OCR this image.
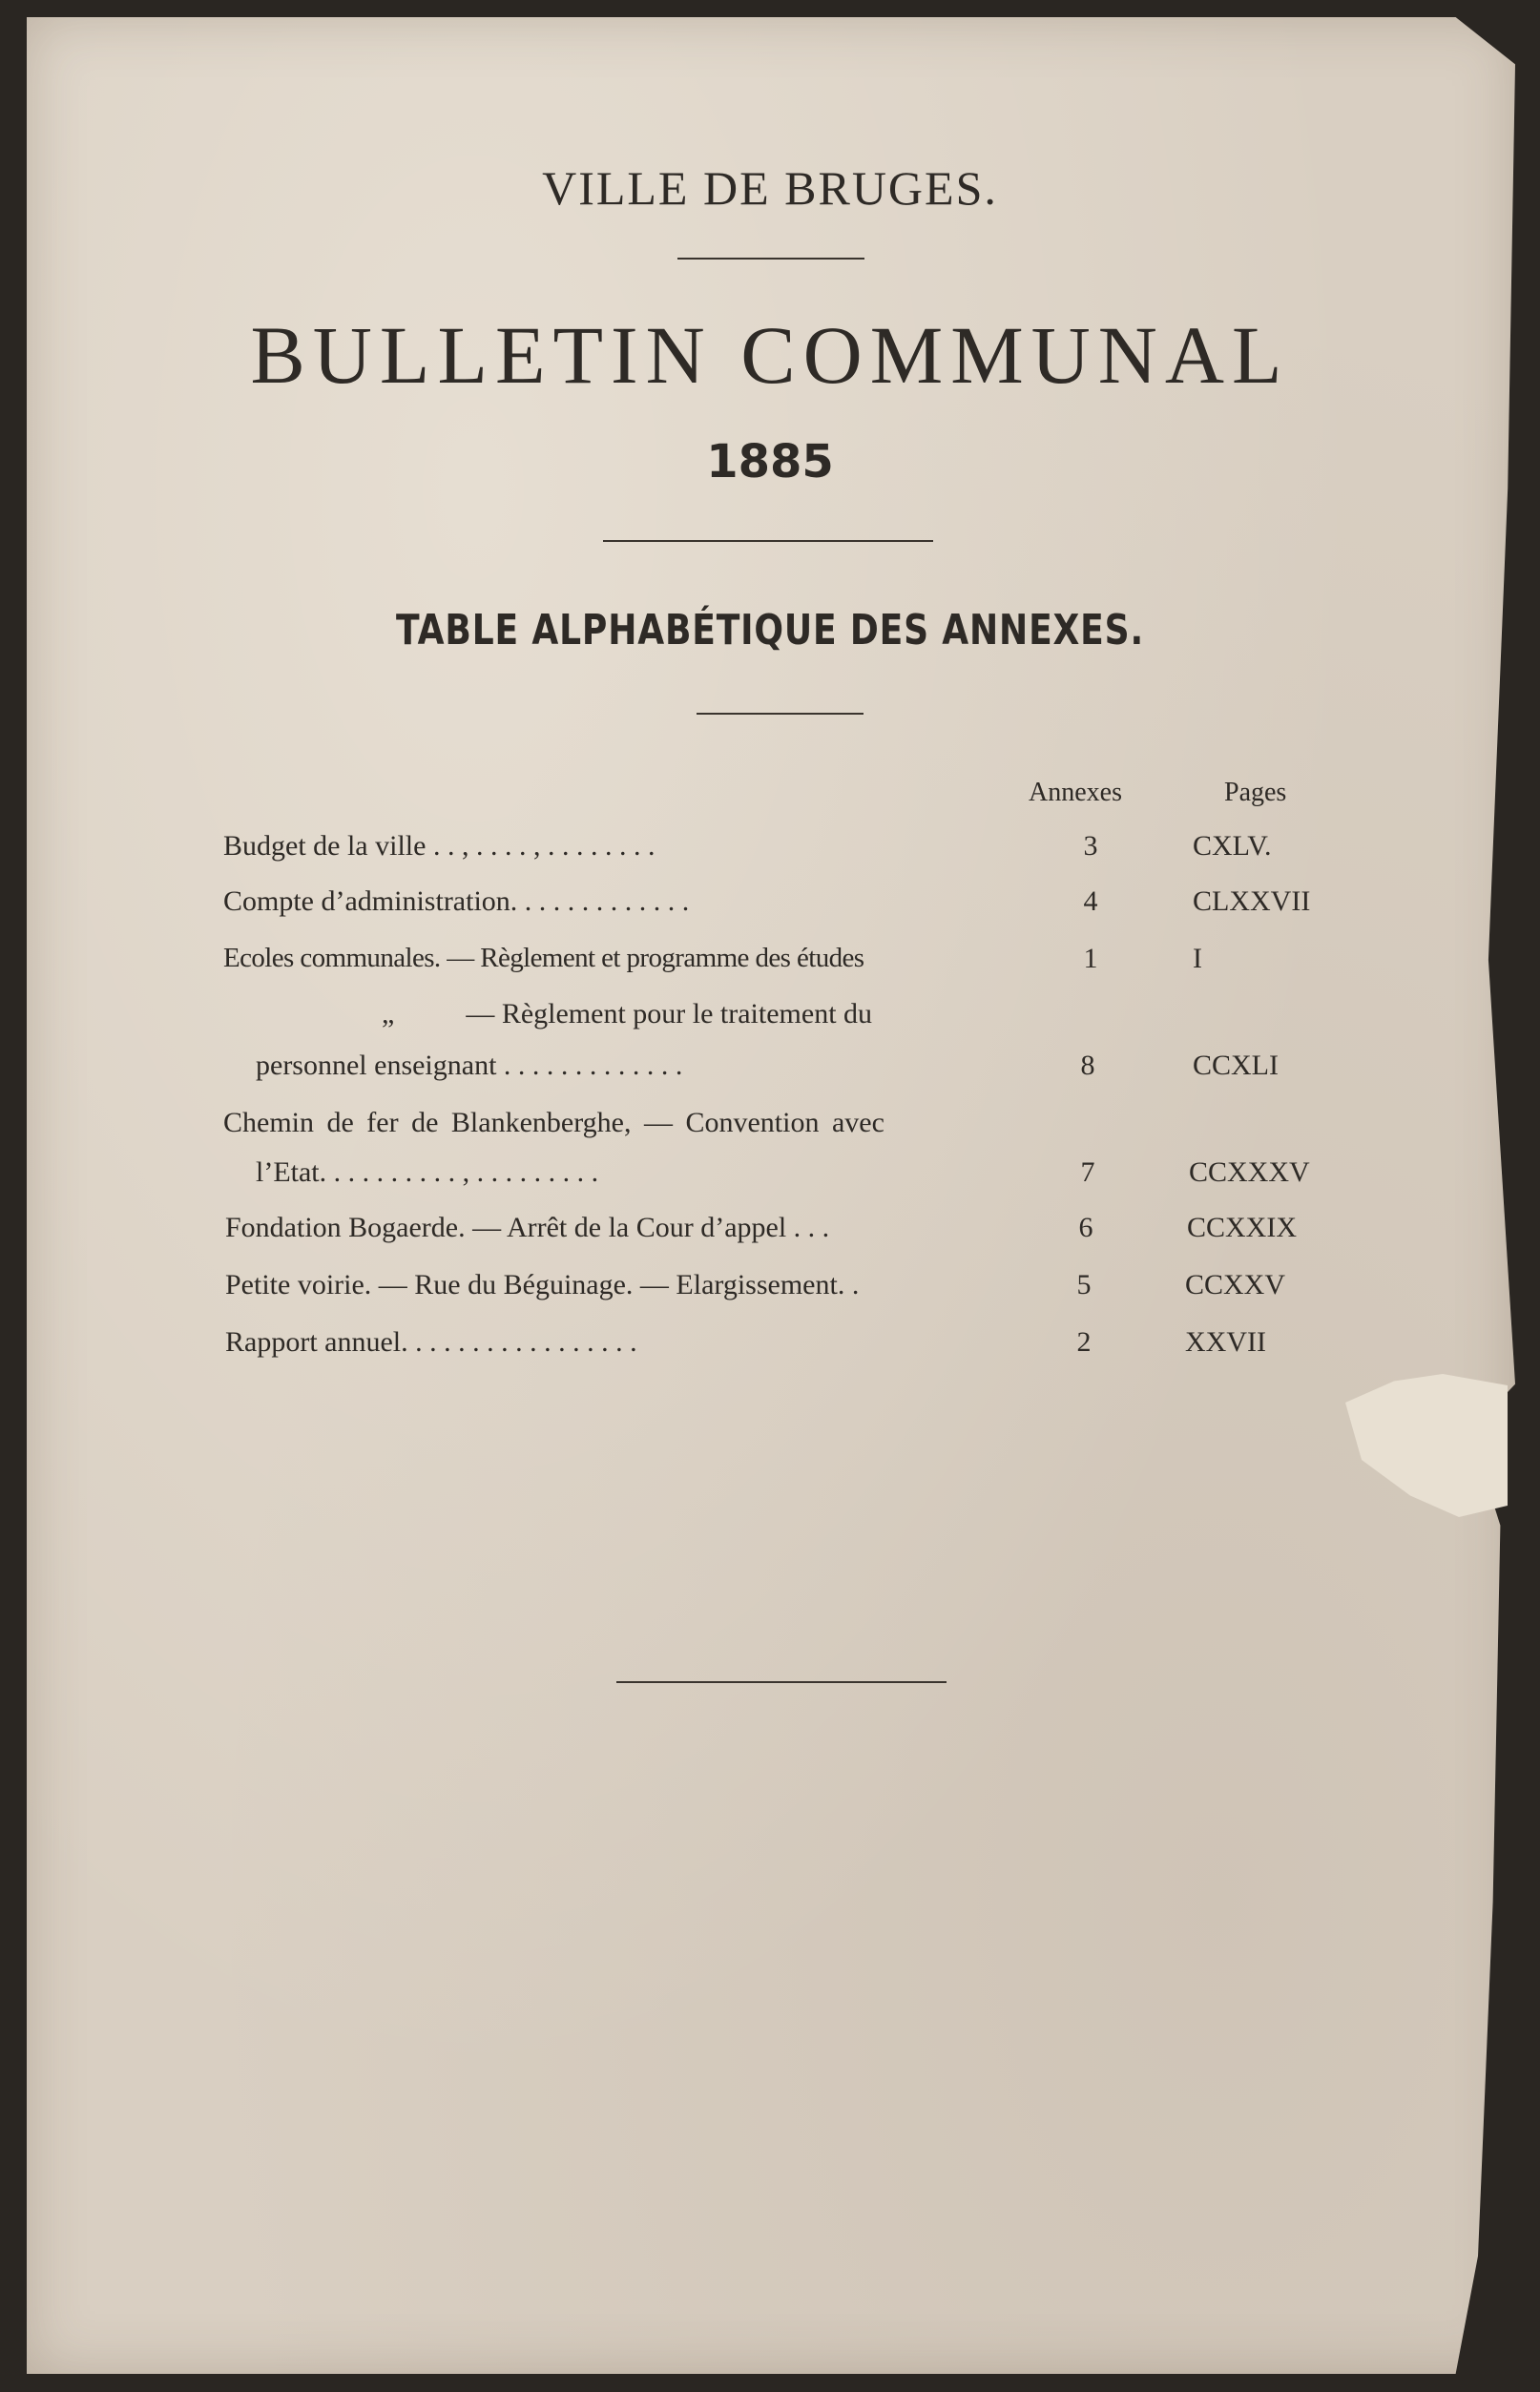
VILLE DE BRUGES.
BULLETIN COMMUNAL
1885
TABLE ALPHABÉTIQUE DES ANNEXES.
Annexes	Pages
Budget de la ville . . , . . . . , . . . . . . . .	3	CXLV.
Compte d’administration. . . . . . . . . . . . .	4	CLXXVII
Ecoles communales. — Règlement et programme des études	1	I
„          — Règlement pour le traitement du
personnel enseignant . . . . . . . . . . . . .	8	CCXLI
Chemin de fer de Blankenberghe, — Convention avec
l’Etat. . . . . . . . . . , . . . . . . . . .	7	CCXXXV
Fondation Bogaerde. — Arrêt de la Cour d’appel . . .	6	CCXXIX
Petite voirie. — Rue du Béguinage. — Elargissement. .	5	CCXXV
Rapport annuel. . . . . . . . . . . . . . . . .	2	XXVII
